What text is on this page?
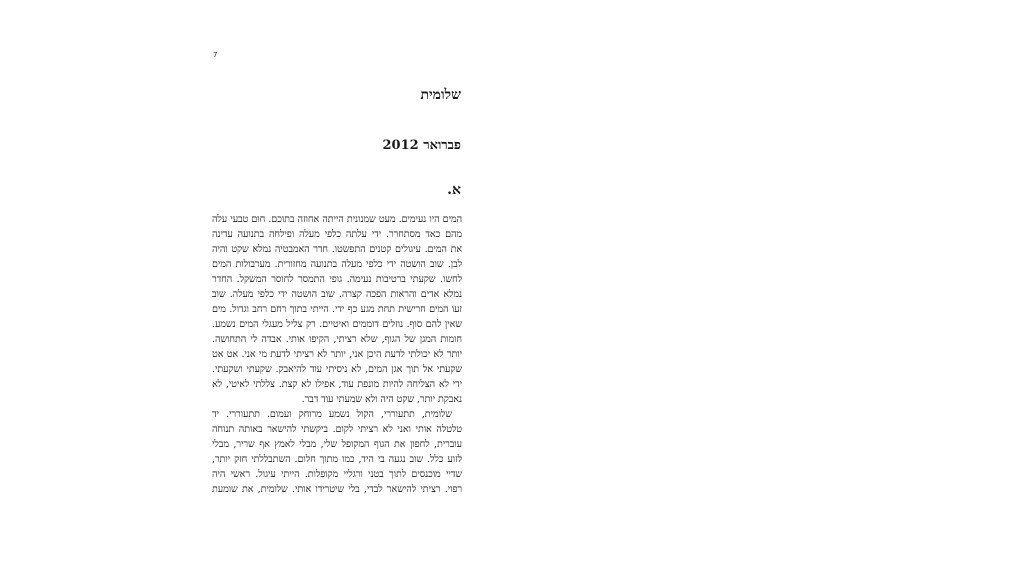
7
שלומית
פברואר 2012
א.
המים היו נעימים. מעט שמנונית הייתה אחוזה בתוכם. חום טבעי עלה
מהם כאד מסתחרר. ידי עלתה כלפי מעלה ופילחה בתנועה עדינה
את המים. עיגולים קטנים התפשטו. חדר האמבטיה נמלא שקט והיה
לבן. שוב הושטה ידי כלפי מעלה בתנועה מחזורית. מערבולות המים
לחשו. שקעתי ברטיבות נעימה. גופי התמסר לחוסר המשקל. החדר
נמלא אדים והראות הפכה קצרה. שוב הושטה ידי כלפי מעלה. שוב
זעו המים חרישית תחת מגע כף ידי. הייתי בתוך רחם רחב וגדול. מים
שאין להם סוף. נוזלים דוממים ואיטיים. רק צליל מעגלי המים נשמע.
חומות המגן של הגוף, שלא רציתי, הקיפו אותי. אבדה לי התחושה.
יותר לא יכולתי לדעת היכן אני, יותר לא רציתי לדעת מי אני. אט אט
שקעתי אל תוך אגן המים, לא ניסיתי עוד להיאבק. שקעתי ושקעתי.
ידי לא הצליחה להיות מונפת עוד, אפילו לא קצת. צללתי לאיטי, לא
נאבקת יותר, שקט היה ולא שמעתי עוד דבר.
שלומית, תתעוררי, הקול נשמע מרוחק ועמום. תתעוררי. יד
טלטלה אותי ואני לא רציתי לקום. ביקשתי להישאר באותה תנוחה
עוברית, לחפון את הגוף המקופל שלי, מבלי לאמץ אף שריר, מבלי
לזוע כלל. שוב נגעה בי היד, כמו מתוך חלום. השתבללתי חזק יותר,
שדיי מוכנסים לתוך בטני ורגליי מקופלות. הייתי עיגול. ראשי היה
רפוי. רציתי להישאר לבדי, בלי שיטרידו אותי. שלומית, את שומעת
